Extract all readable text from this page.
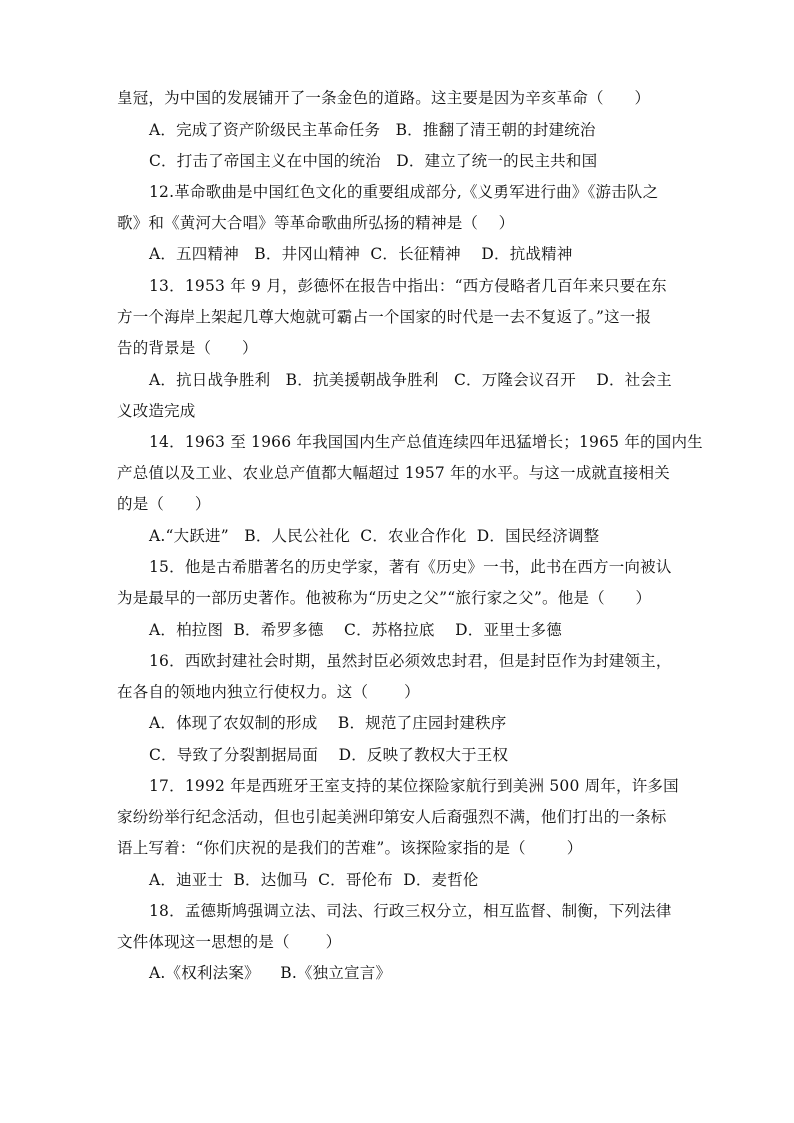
皇冠，为中国的发展铺开了一条金色的道路。这主要是因为辛亥革命（      ）
A．完成了资产阶级民主革命任务   B．推翻了清王朝的封建统治
C．打击了帝国主义在中国的统治   D．建立了统一的民主共和国
12.革命歌曲是中国红色文化的重要组成部分,《义勇军进行曲》《游击队之
歌》和《黄河大合唱》等革命歌曲所弘扬的精神是（    ）
A．五四精神   B．井冈山精神  C．长征精神    D．抗战精神
13．1953 年 9 月，彭德怀在报告中指出：“西方侵略者几百年来只要在东
方一个海岸上架起几尊大炮就可霸占一个国家的时代是一去不复返了。”这一报
告的背景是（      ）
A．抗日战争胜利   B．抗美援朝战争胜利   C．万隆会议召开    D．社会主
义改造完成
14．1963 至 1966 年我国国内生产总值连续四年迅猛增长；1965 年的国内生
产总值以及工业、农业总产值都大幅超过 1957 年的水平。与这一成就直接相关
的是（      ）
A.“大跃进”   B．人民公社化  C．农业合作化  D．国民经济调整
15．他是古希腊著名的历史学家，著有《历史》一书，此书在西方一向被认
为是最早的一部历史著作。他被称为“历史之父”“旅行家之父”。他是（      ）
A．柏拉图  B．希罗多德    C．苏格拉底    D．亚里士多德
16．西欧封建社会时期，虽然封臣必须效忠封君，但是封臣作为封建领主，
在各自的领地内独立行使权力。这（       ）
A．体现了农奴制的形成    B．规范了庄园封建秩序
C．导致了分裂割据局面    D．反映了教权大于王权
17．1992 年是西班牙王室支持的某位探险家航行到美洲 500 周年，许多国
家纷纷举行纪念活动，但也引起美洲印第安人后裔强烈不满，他们打出的一条标
语上写着：“你们庆祝的是我们的苦难”。该探险家指的是（        ）
A．迪亚士  B．达伽马  C．哥伦布  D．麦哲伦
18．孟德斯鸠强调立法、司法、行政三权分立，相互监督、制衡，下列法律
文件体现这一思想的是（       ）
A.《权利法案》    B.《独立宣言》
